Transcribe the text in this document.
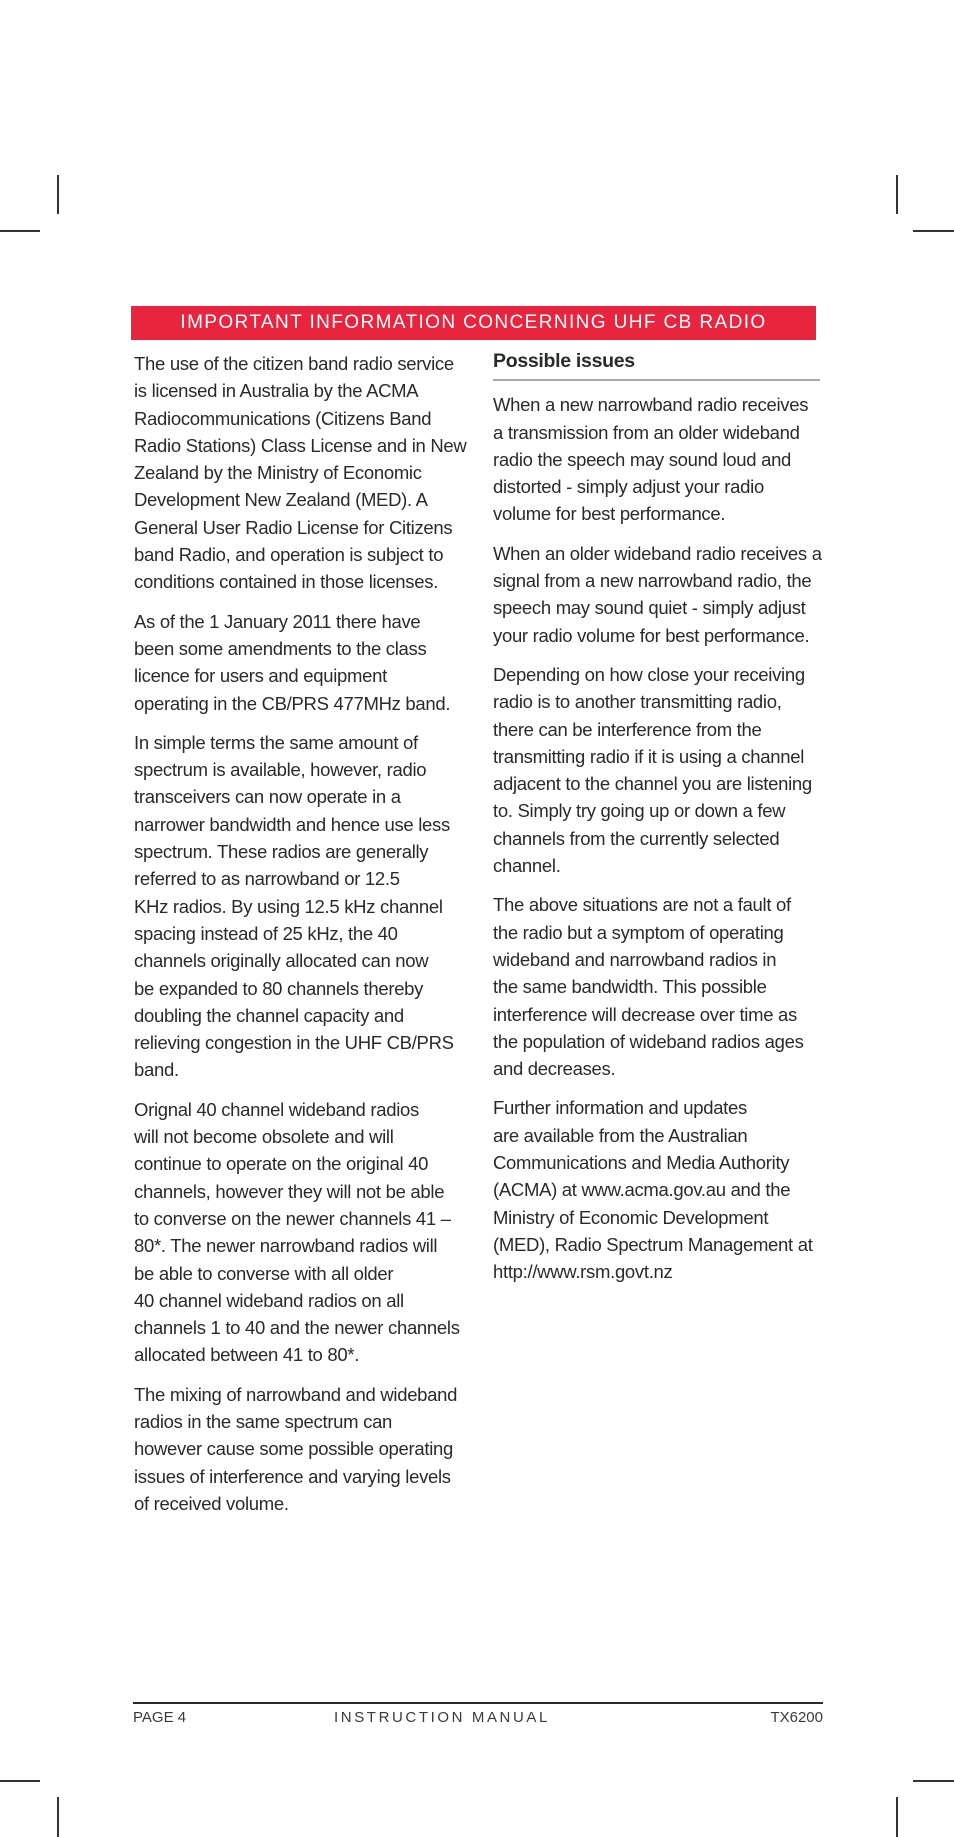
IMPORTANT INFORMATION CONCERNING UHF CB RADIO

The use of the citizen band radio service
is licensed in Australia by the ACMA
Radiocommunications (Citizens Band
Radio Stations) Class License and in New
Zealand by the Ministry of Economic
Development New Zealand (MED). A
General User Radio License for Citizens
band Radio, and operation is subject to
conditions contained in those licenses.

As of the 1 January 2011 there have
been some amendments to the class
licence for users and equipment
operating in the CB/PRS 477MHz band.

In simple terms the same amount of
spectrum is available, however, radio
transceivers can now operate in a
narrower bandwidth and hence use less
spectrum. These radios are generally
referred to as narrowband or 12.5
KHz radios. By using 12.5 kHz channel
spacing instead of 25 kHz, the 40
channels originally allocated can now
be expanded to 80 channels thereby
doubling the channel capacity and
relieving congestion in the UHF CB/PRS
band.

Orignal 40 channel wideband radios
will not become obsolete and will
continue to operate on the original 40
channels, however they will not be able
to converse on the newer channels 41 –
80*. The newer narrowband radios will
be able to converse with all older
40 channel wideband radios on all
channels 1 to 40 and the newer channels
allocated between 41 to 80*.

The mixing of narrowband and wideband
radios in the same spectrum can
however cause some possible operating
issues of interference and varying levels
of received volume.

Possible issues

When a new narrowband radio receives
a transmission from an older wideband
radio the speech may sound loud and
distorted - simply adjust your radio
volume for best performance.

When an older wideband radio receives a
signal from a new narrowband radio, the
speech may sound quiet - simply adjust
your radio volume for best performance.

Depending on how close your receiving
radio is to another transmitting radio,
there can be interference from the
transmitting radio if it is using a channel
adjacent to the channel you are listening
to. Simply try going up or down a few
channels from the currently selected
channel.

The above situations are not a fault of
the radio but a symptom of operating
wideband and narrowband radios in
the same bandwidth. This possible
interference will decrease over time as
the population of wideband radios ages
and decreases.

Further information and updates
are available from the Australian
Communications and Media Authority
(ACMA) at www.acma.gov.au and the
Ministry of Economic Development
(MED), Radio Spectrum Management at
http://www.rsm.govt.nz

PAGE 4	INSTRUCTION MANUAL	TX6200
